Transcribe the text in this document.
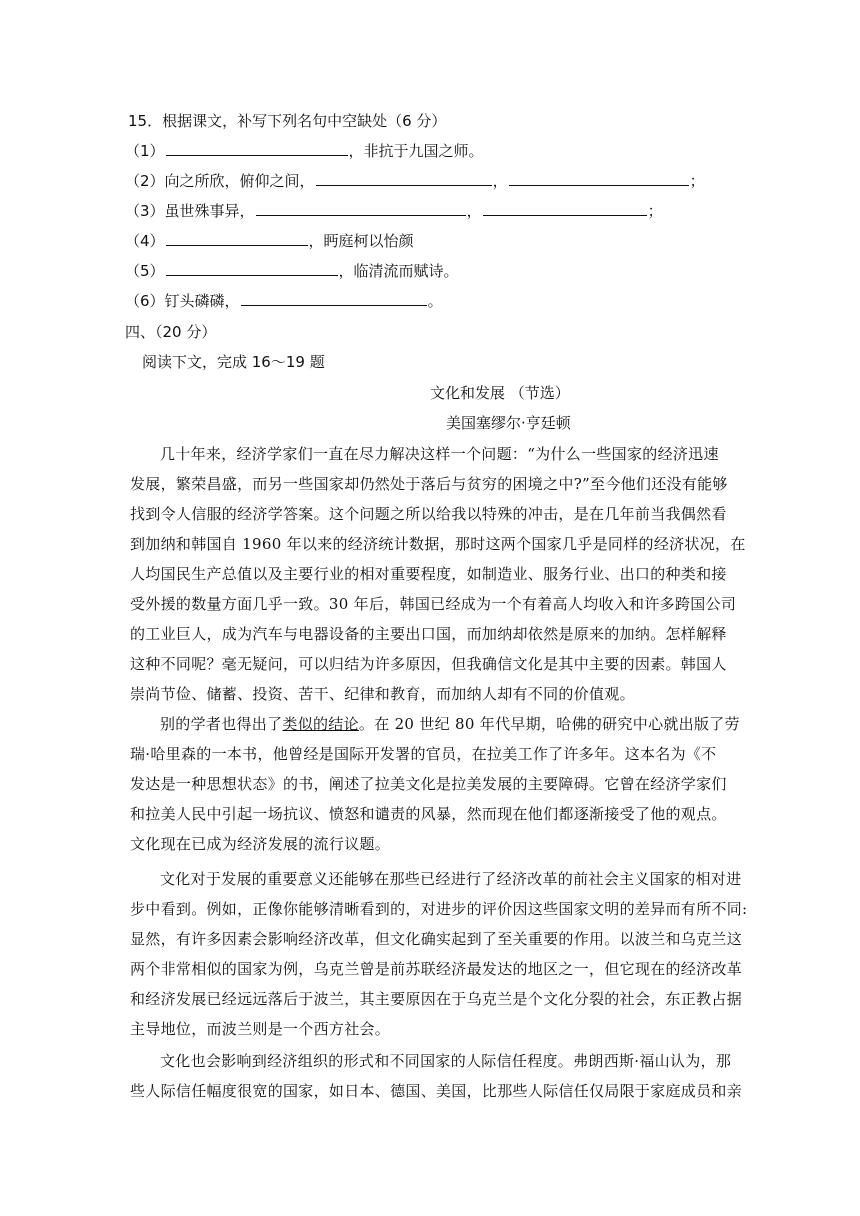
15．根据课文，补写下列名句中空缺处（6 分）
（1）	，非抗于九国之师。
（2） 向之所欣，俯仰之间，	，	；
（3） 虽世殊事异，	，	；
（4）	，眄庭柯以怡颜
（5）	，临清流而赋诗。
（6） 钉头磷磷，	。
四、（20 分）
阅读下文，完成 16～19 题
文化和发展 （节选）
美国塞缪尔·亨廷顿
几十年来，经济学家们一直在尽力解决这样一个问题：“为什么一些国家的经济迅速
发展，繁荣昌盛，而另一些国家却仍然处于落后与贫穷的困境之中?”至今他们还没有能够
找到令人信服的经济学答案。这个问题之所以给我以特殊的冲击，是在几年前当我偶然看
到加纳和韩国自 1960 年以来的经济统计数据，那时这两个国家几乎是同样的经济状况，在
人均国民生产总值以及主要行业的相对重要程度，如制造业、服务行业、出口的种类和接
受外援的数量方面几乎一致。30 年后，韩国已经成为一个有着高人均收入和许多跨国公司
的工业巨人，成为汽车与电器设备的主要出口国，而加纳却依然是原来的加纳。怎样解释
这种不同呢？毫无疑问，可以归结为许多原因，但我确信文化是其中主要的因素。韩国人
崇尚节俭、储蓄、投资、苦干、纪律和教育，而加纳人却有不同的价值观。
别的学者也得出了类似的结论。在 20 世纪 80 年代早期，哈佛的研究中心就出版了劳
瑞·哈里森的一本书，他曾经是国际开发署的官员，在拉美工作了许多年。这本名为《不
发达是一种思想状态》的书，阐述了拉美文化是拉美发展的主要障碍。它曾在经济学家们
和拉美人民中引起一场抗议、愤怒和谴责的风暴，然而现在他们都逐渐接受了他的观点。
文化现在已成为经济发展的流行议题。
文化对于发展的重要意义还能够在那些已经进行了经济改革的前社会主义国家的相对进
步中看到。例如，正像你能够清晰看到的，对进步的评价因这些国家文明的差异而有所不同:
显然，有许多因素会影响经济改革，但文化确实起到了至关重要的作用。以波兰和乌克兰这
两个非常相似的国家为例，乌克兰曾是前苏联经济最发达的地区之一，但它现在的经济改革
和经济发展已经远远落后于波兰，其主要原因在于乌克兰是个文化分裂的社会，东正教占据
主导地位，而波兰则是一个西方社会。
文化也会影响到经济组织的形式和不同国家的人际信任程度。弗朗西斯·福山认为，那
些人际信任幅度很宽的国家，如日本、德国、美国，比那些人际信任仅局限于家庭成员和亲
